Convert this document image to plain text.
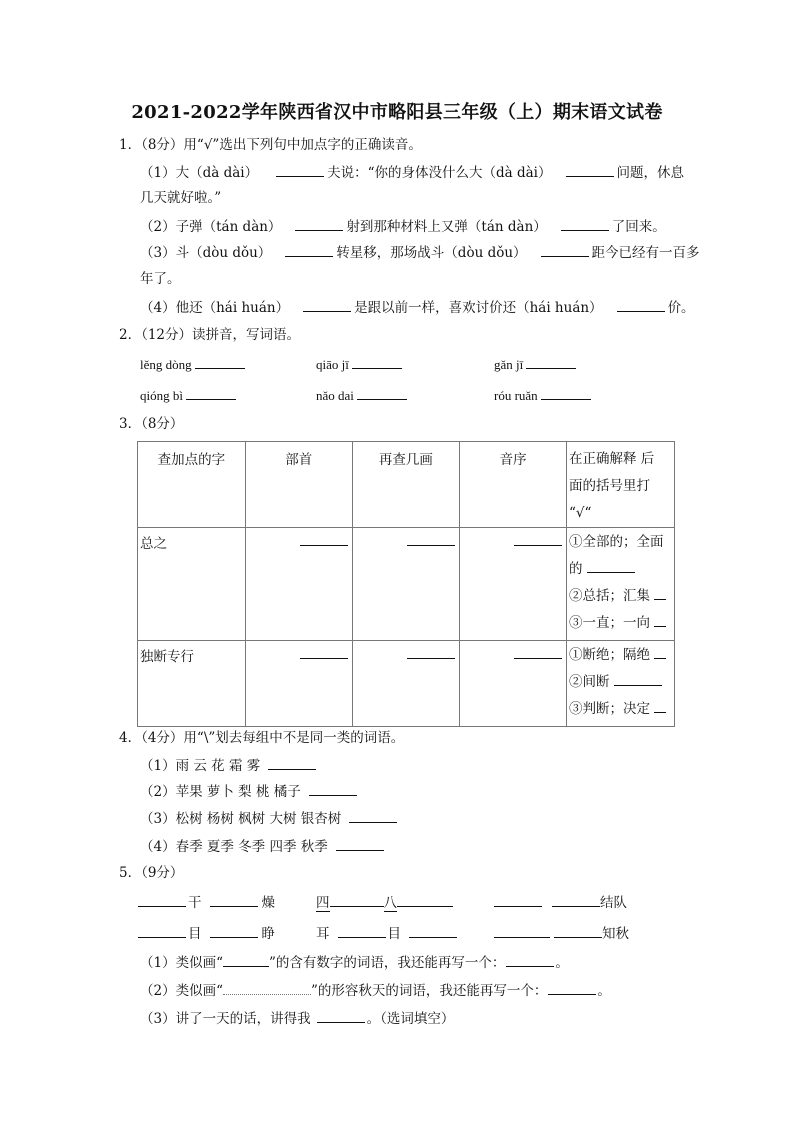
2021-2022学年陕西省汉中市略阳县三年级（上）期末语文试卷
1．（8分）用“√”选出下列句中加点字的正确读音。
（1）大（dà dài）	夫说：“你的身体没什么大（dà dài）	问题，休息
几天就好啦。”
（2）子弹（tán dàn）	射到那种材料上又弹（tán dàn）	了回来。
（3）斗（dòu dǒu）	转星移，那场战斗（dòu dǒu）	距今已经有一百多
年了。
（4）他还（hái huán）	是跟以前一样，喜欢讨价还（hái huán）	价。
2．（12分）读拼音，写词语。
lěng dòng	qiāo jī	gǎn jī
qióng bì	nǎo dai	róu ruǎn
3．（8分）
查加点的字	部首	再查几画	音序	在正确解释 后
面的括号里打
“√“

总之				①全部的；全面
的
②总括；汇集
③一直；一向

独断专行				①断绝；隔绝
②间断
③判断；决定
4．（4分）用“\”划去每组中不是同一类的词语。
（1）雨 云 花 霜 雾
（2）苹果 萝卜 梨 桃 橘子
（3）松树 杨树 枫树 大树 银杏树
（4）春季 夏季 冬季 四季 秋季
5．（9分）
干	燥	四	八	结队
目	睁	耳	目	知秋
（1）类似画“	”的含有数字的词语，我还能再写一个：	。
（2）类似画“	”的形容秋天的词语，我还能再写一个：	。
（3）讲了一天的话，讲得我	。（选词填空）
